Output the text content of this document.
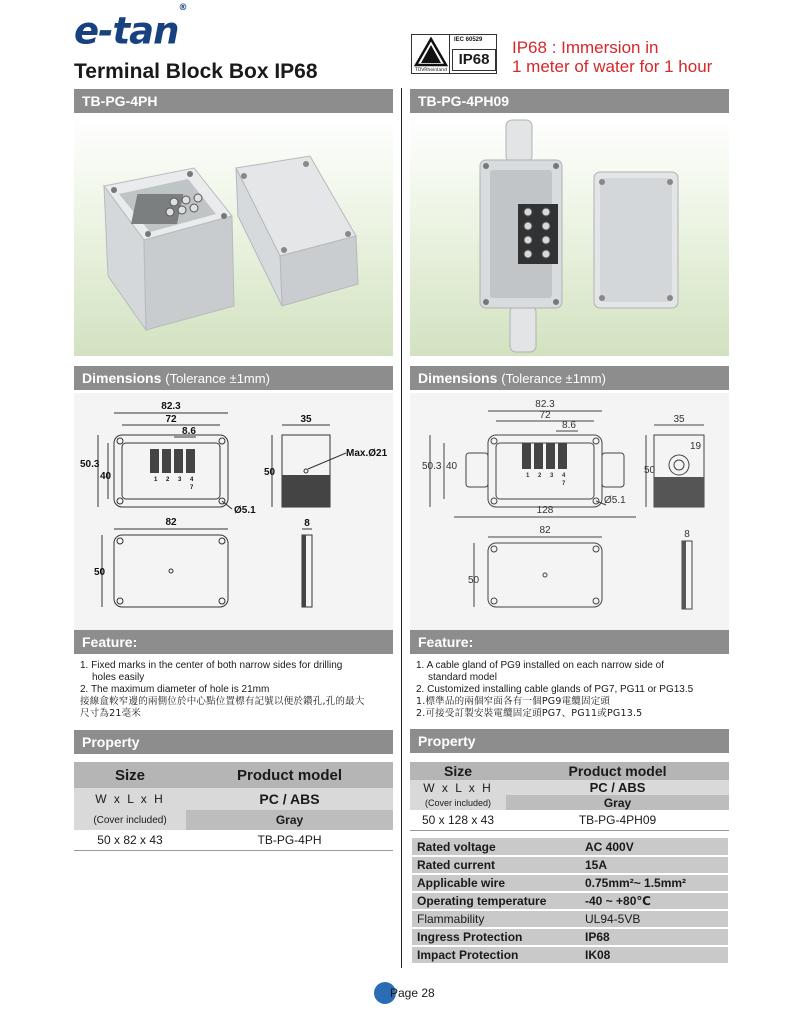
e-tan®
Terminal Block Box IP68	TÜVRheinland
IEC 60529
IP68
IP68 : Immersion in
1 meter of water for 1 hour
TB-PG-4PH
Dimensions (Tolerance ±1mm)
82.3
72
8.6
50.3
40
35
50
Max.Ø21
Ø5.1
82
50
8
1 2 3 4
7
Feature:
1. Fixed marks in the center of both narrow sides for drilling
holes easily
2. The maximum diameter of hole is 21mm
接線盒較窄邊的兩側位於中心點位置標有記號以便於鑽孔,孔的最大
尺寸為21毫米
Property
Size	Product model
W x L x H	PC / ABS
(Cover included)	Gray
50 x 82 x 43	TB-PG-4PH
TB-PG-4PH09
Dimensions (Tolerance ±1mm)
82.3
72
8.6
50.3 40
128
35
19
50
Ø5.1
82
50
8
1 2 3 4
7
Feature:
1. A cable gland of PG9 installed on each narrow side of
standard model
2. Customized installing cable glands of PG7, PG11 or PG13.5
1.標準品的兩個窄面各有一個PG9電纜固定頭
2.可接受訂製安裝電纜固定頭PG7、PG11或PG13.5
Property
Size	Product model
W x L x H	PC / ABS
(Cover included)	Gray
50 x 128 x 43	TB-PG-4PH09
Rated voltage	AC 400V
Rated current	15A
Applicable wire	0.75mm²~ 1.5mm²
Operating temperature	-40 ~ +80℃
Flammability	UL94-5VB
Ingress Protection	IP68
Impact Protection	IK08
Page 28
